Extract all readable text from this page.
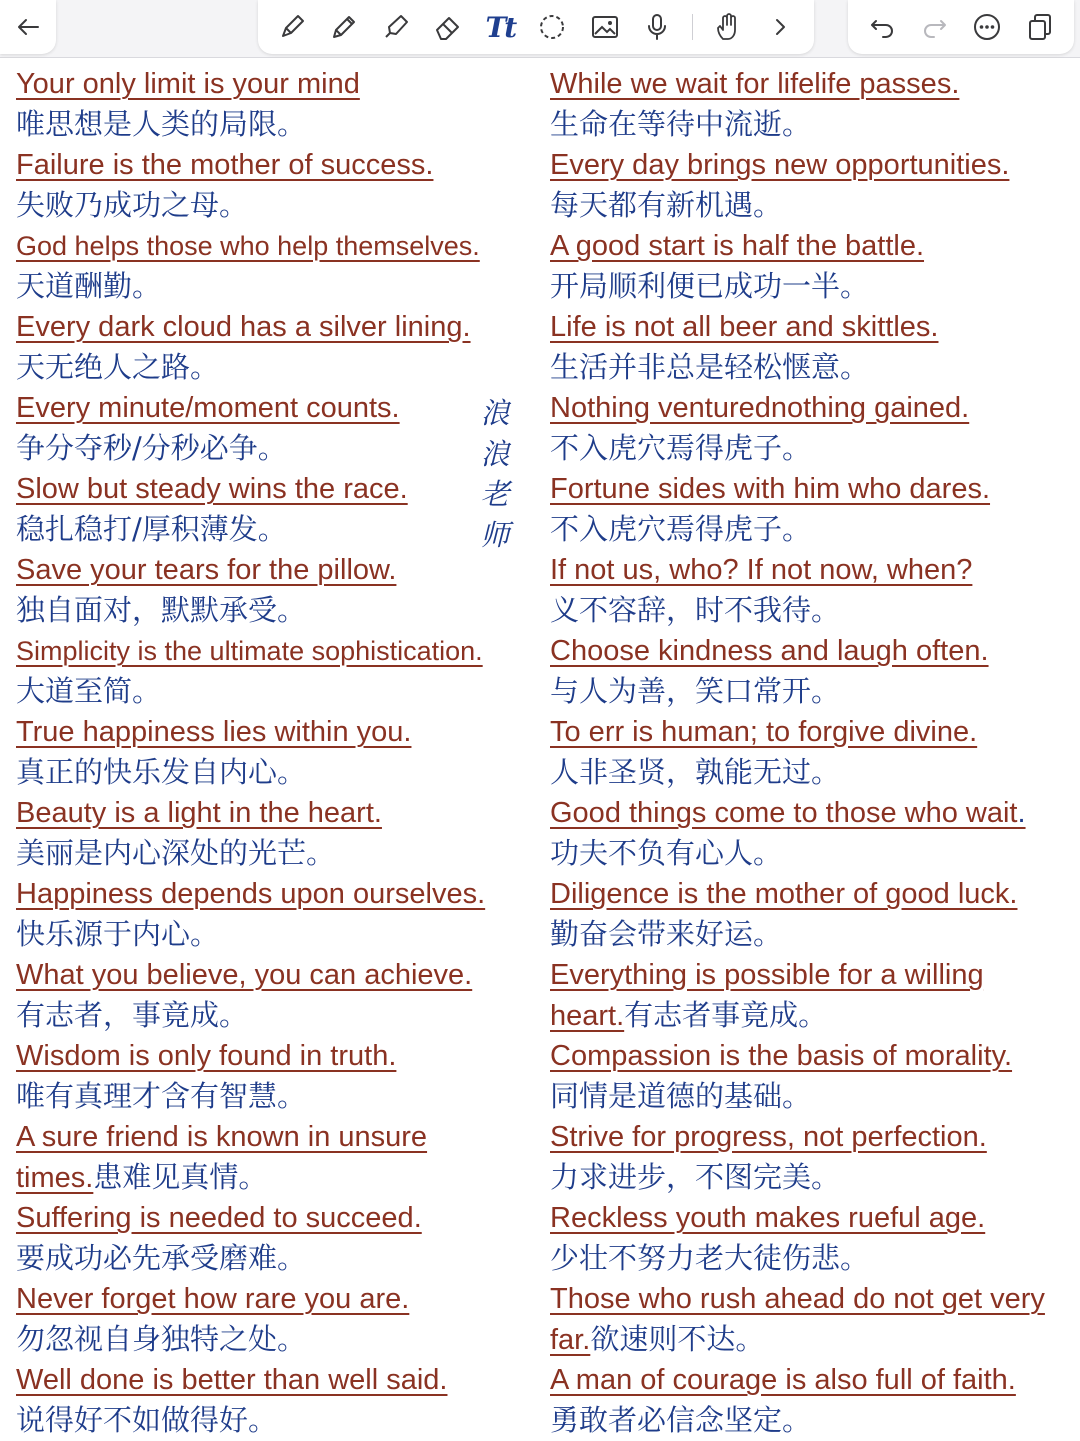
Tt
Your only limit is your mind
唯思想是人类的局限。
Failure is the mother of success.
失败乃成功之母。
God helps those who help themselves.
天道酬勤。
Every dark cloud has a silver lining.
天无绝人之路。
Every minute/moment counts.
争分夺秒/分秒必争。
Slow but steady wins the race.
稳扎稳打/厚积薄发。
Save your tears for the pillow.
独自面对，默默承受。
Simplicity is the ultimate sophistication.
大道至简。
True happiness lies within you.
真正的快乐发自内心。
Beauty is a light in the heart.
美丽是内心深处的光芒。
Happiness depends upon ourselves.
快乐源于内心。
What you believe, you can achieve.
有志者，事竟成。
Wisdom is only found in truth.
唯有真理才含有智慧。
A sure friend is known in unsure
times.患难见真情。
Suffering is needed to succeed.
要成功必先承受磨难。
Never forget how rare you are.
勿忽视自身独特之处。
Well done is better than well said.
说得好不如做得好。
浪
浪
老
师
While we wait for lifelife passes.
生命在等待中流逝。
Every day brings new opportunities.
每天都有新机遇。
A good start is half the battle.
开局顺利便已成功一半。
Life is not all beer and skittles.
生活并非总是轻松惬意。
Nothing venturednothing gained.
不入虎穴焉得虎子。
Fortune sides with him who dares.
不入虎穴焉得虎子。
If not us, who? If not now, when?
义不容辞，时不我待。
Choose kindness and laugh often.
与人为善，笑口常开。
To err is human; to forgive divine.
人非圣贤，孰能无过。
Good things come to those who wait.
功夫不负有心人。
Diligence is the mother of good luck.
勤奋会带来好运。
Everything is possible for a willing
heart.有志者事竟成。
Compassion is the basis of morality.
同情是道德的基础。
Strive for progress, not perfection.
力求进步，不图完美。
Reckless youth makes rueful age.
少壮不努力老大徒伤悲。
Those who rush ahead do not get very
far.欲速则不达。
A man of courage is also full of faith.
勇敢者必信念坚定。
